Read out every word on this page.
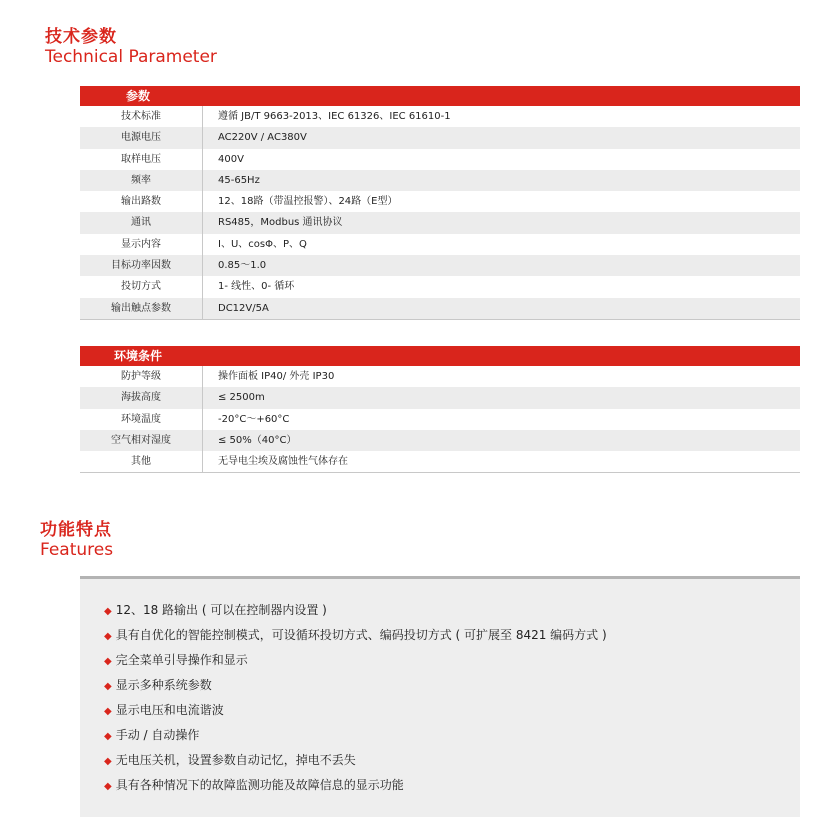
技术参数
Technical Parameter
参数
技术标准	遵循 JB/T 9663-2013、IEC 61326、IEC 61610-1
电源电压	AC220V / AC380V
取样电压	400V
频率	45-65Hz
输出路数	12、18路（带温控报警）、24路（E型）
通讯	RS485，Modbus 通讯协议
显示内容	I、U、cosΦ、P、Q
目标功率因数	0.85～1.0
投切方式	1- 线性、0- 循环
输出触点参数	DC12V/5A
环境条件
防护等级	操作面板 IP40/ 外壳 IP30
海拔高度	≤ 2500m
环境温度	-20°C～+60°C
空气相对湿度	≤ 50%（40°C）
其他	无导电尘埃及腐蚀性气体存在
功能特点
Features
◆ 12、18 路输出 ( 可以在控制器内设置 )
◆ 具有自优化的智能控制模式，可设循环投切方式、编码投切方式 ( 可扩展至 8421 编码方式 )
◆ 完全菜单引导操作和显示
◆ 显示多种系统参数
◆ 显示电压和电流谐波
◆ 手动 / 自动操作
◆ 无电压关机，设置参数自动记忆，掉电不丢失
◆ 具有各种情况下的故障监测功能及故障信息的显示功能
